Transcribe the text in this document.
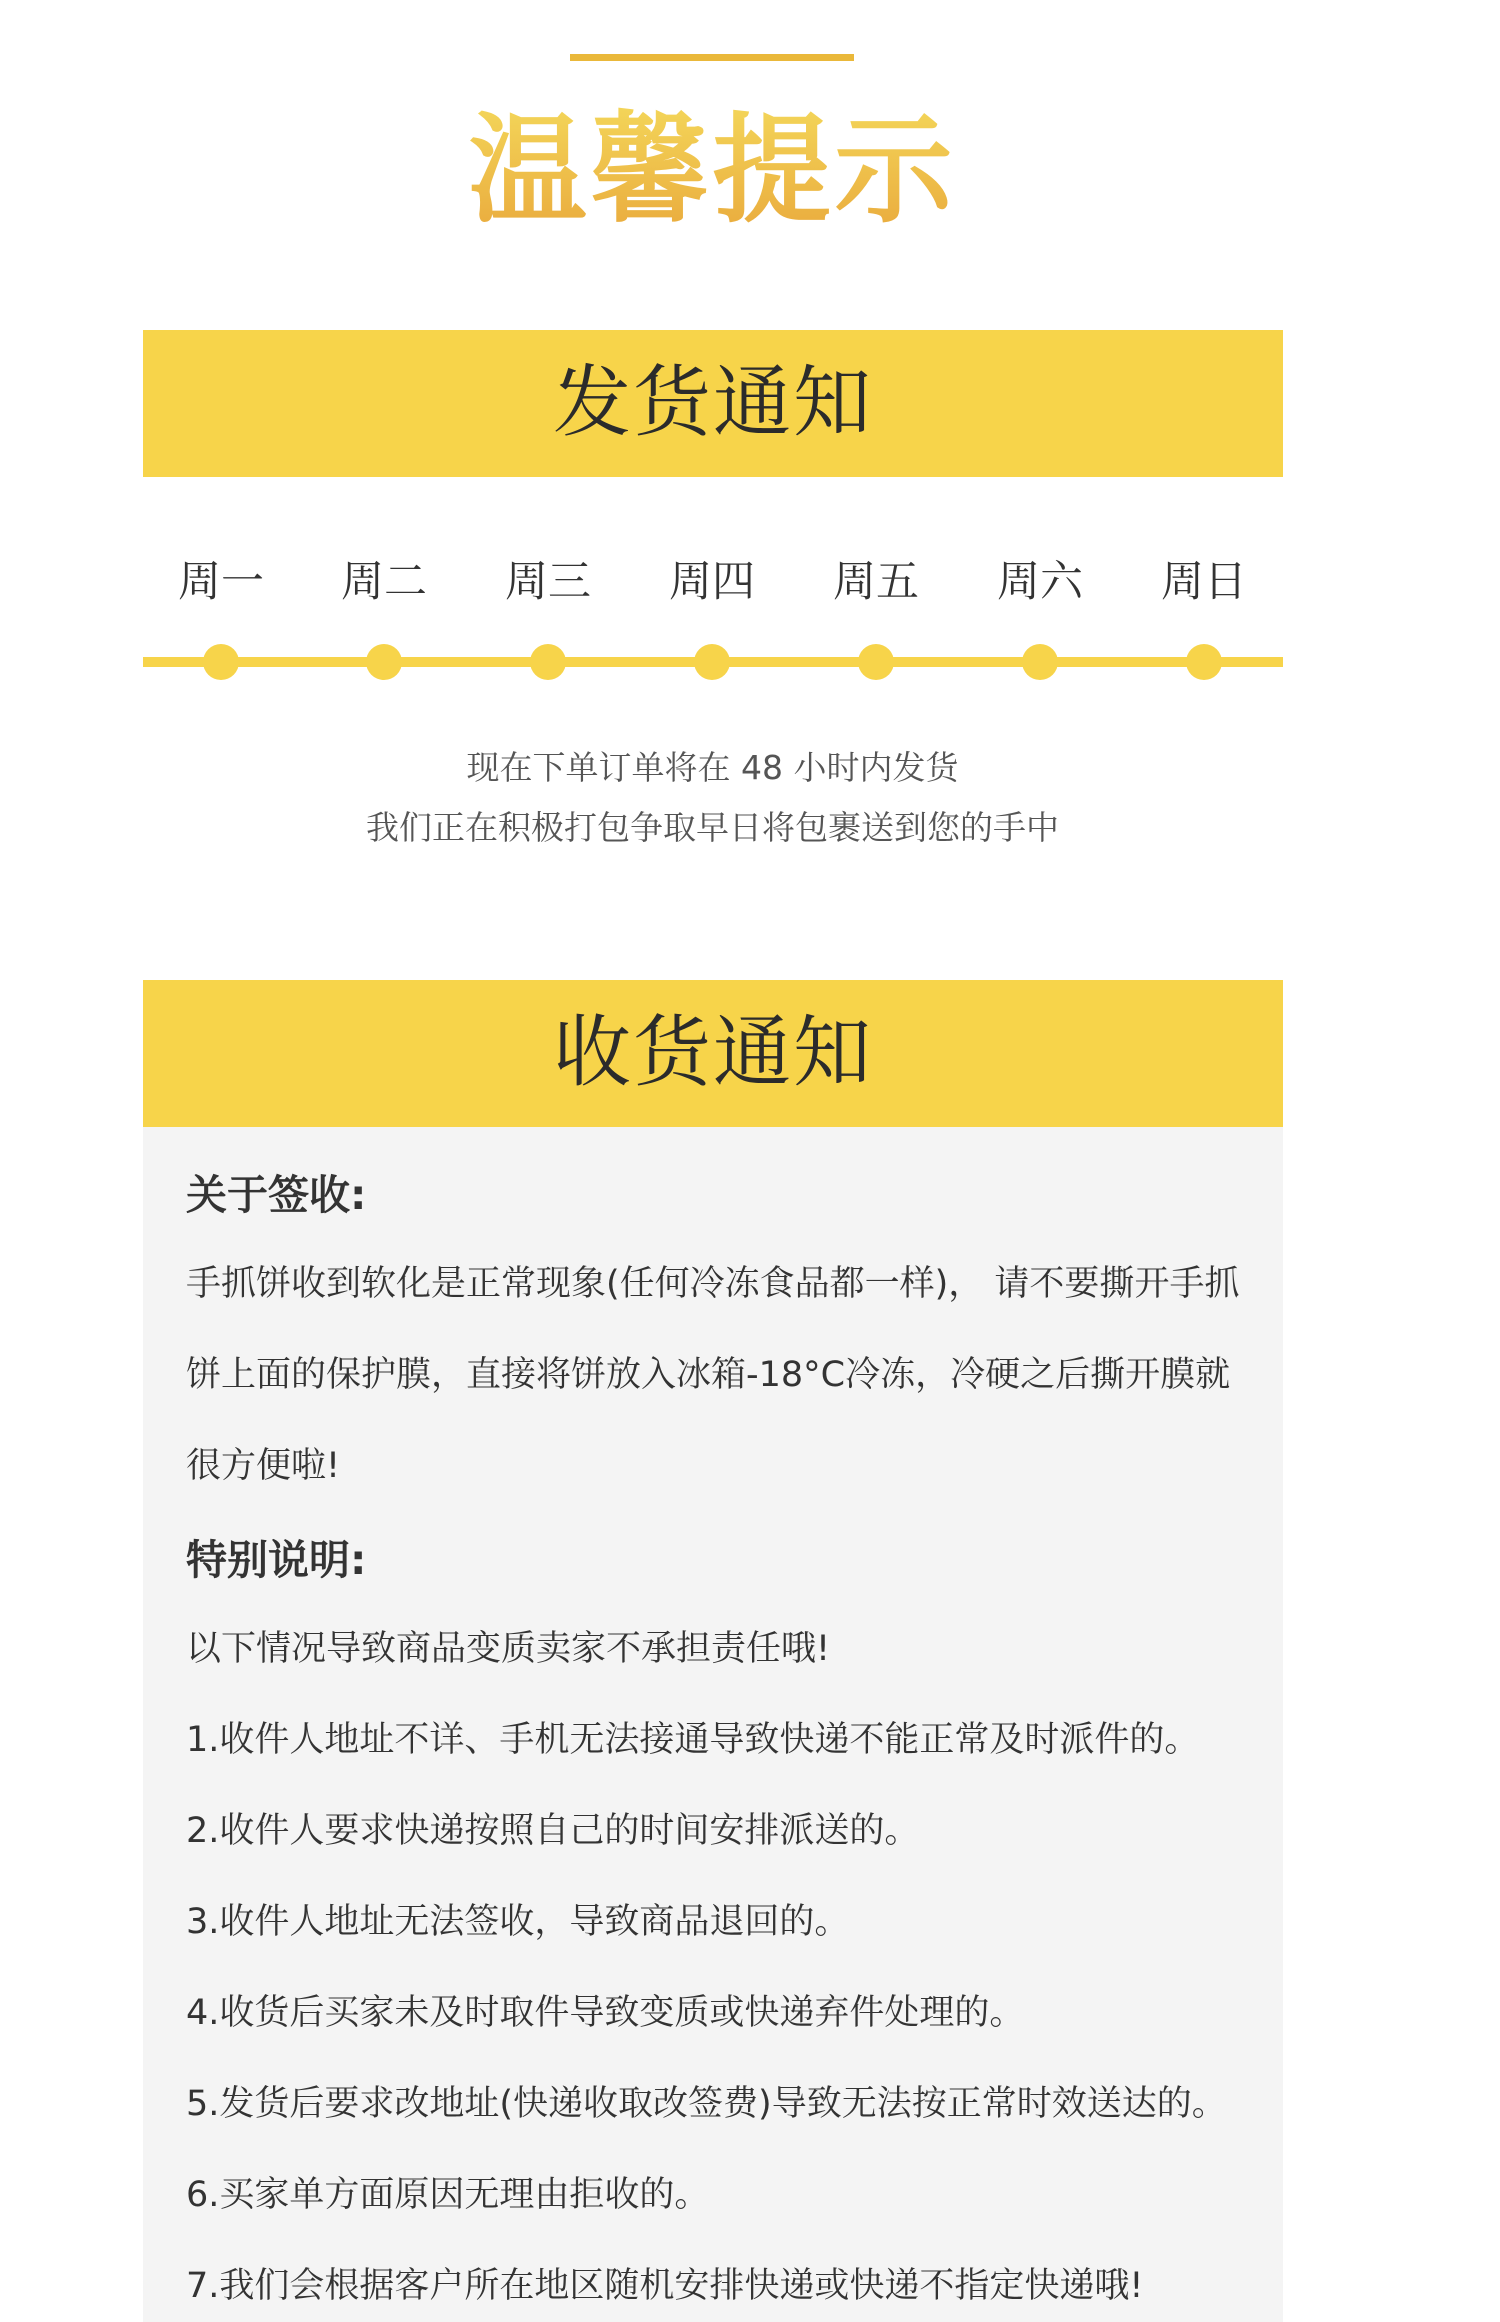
温馨提示
发货通知
周一	周二	周三	周四	周五	周六	周日
现在下单订单将在 48 小时内发货
我们正在积极打包争取早日将包裹送到您的手中
收货通知
关于签收:
手抓饼收到软化是正常现象(任何冷冻食品都一样)， 请不要撕开手抓
饼上面的保护膜，直接将饼放入冰箱-18°C冷冻，冷硬之后撕开膜就
很方便啦!
特别说明:
以下情况导致商品变质卖家不承担责任哦!
1.收件人地址不详、手机无法接通导致快递不能正常及时派件的。
2.收件人要求快递按照自己的时间安排派送的。
3.收件人地址无法签收，导致商品退回的。
4.收货后买家未及时取件导致变质或快递弃件处理的。
5.发货后要求改地址(快递收取改签费)导致无法按正常时效送达的。
6.买家单方面原因无理由拒收的。
7.我们会根据客户所在地区随机安排快递或快递不指定快递哦!
